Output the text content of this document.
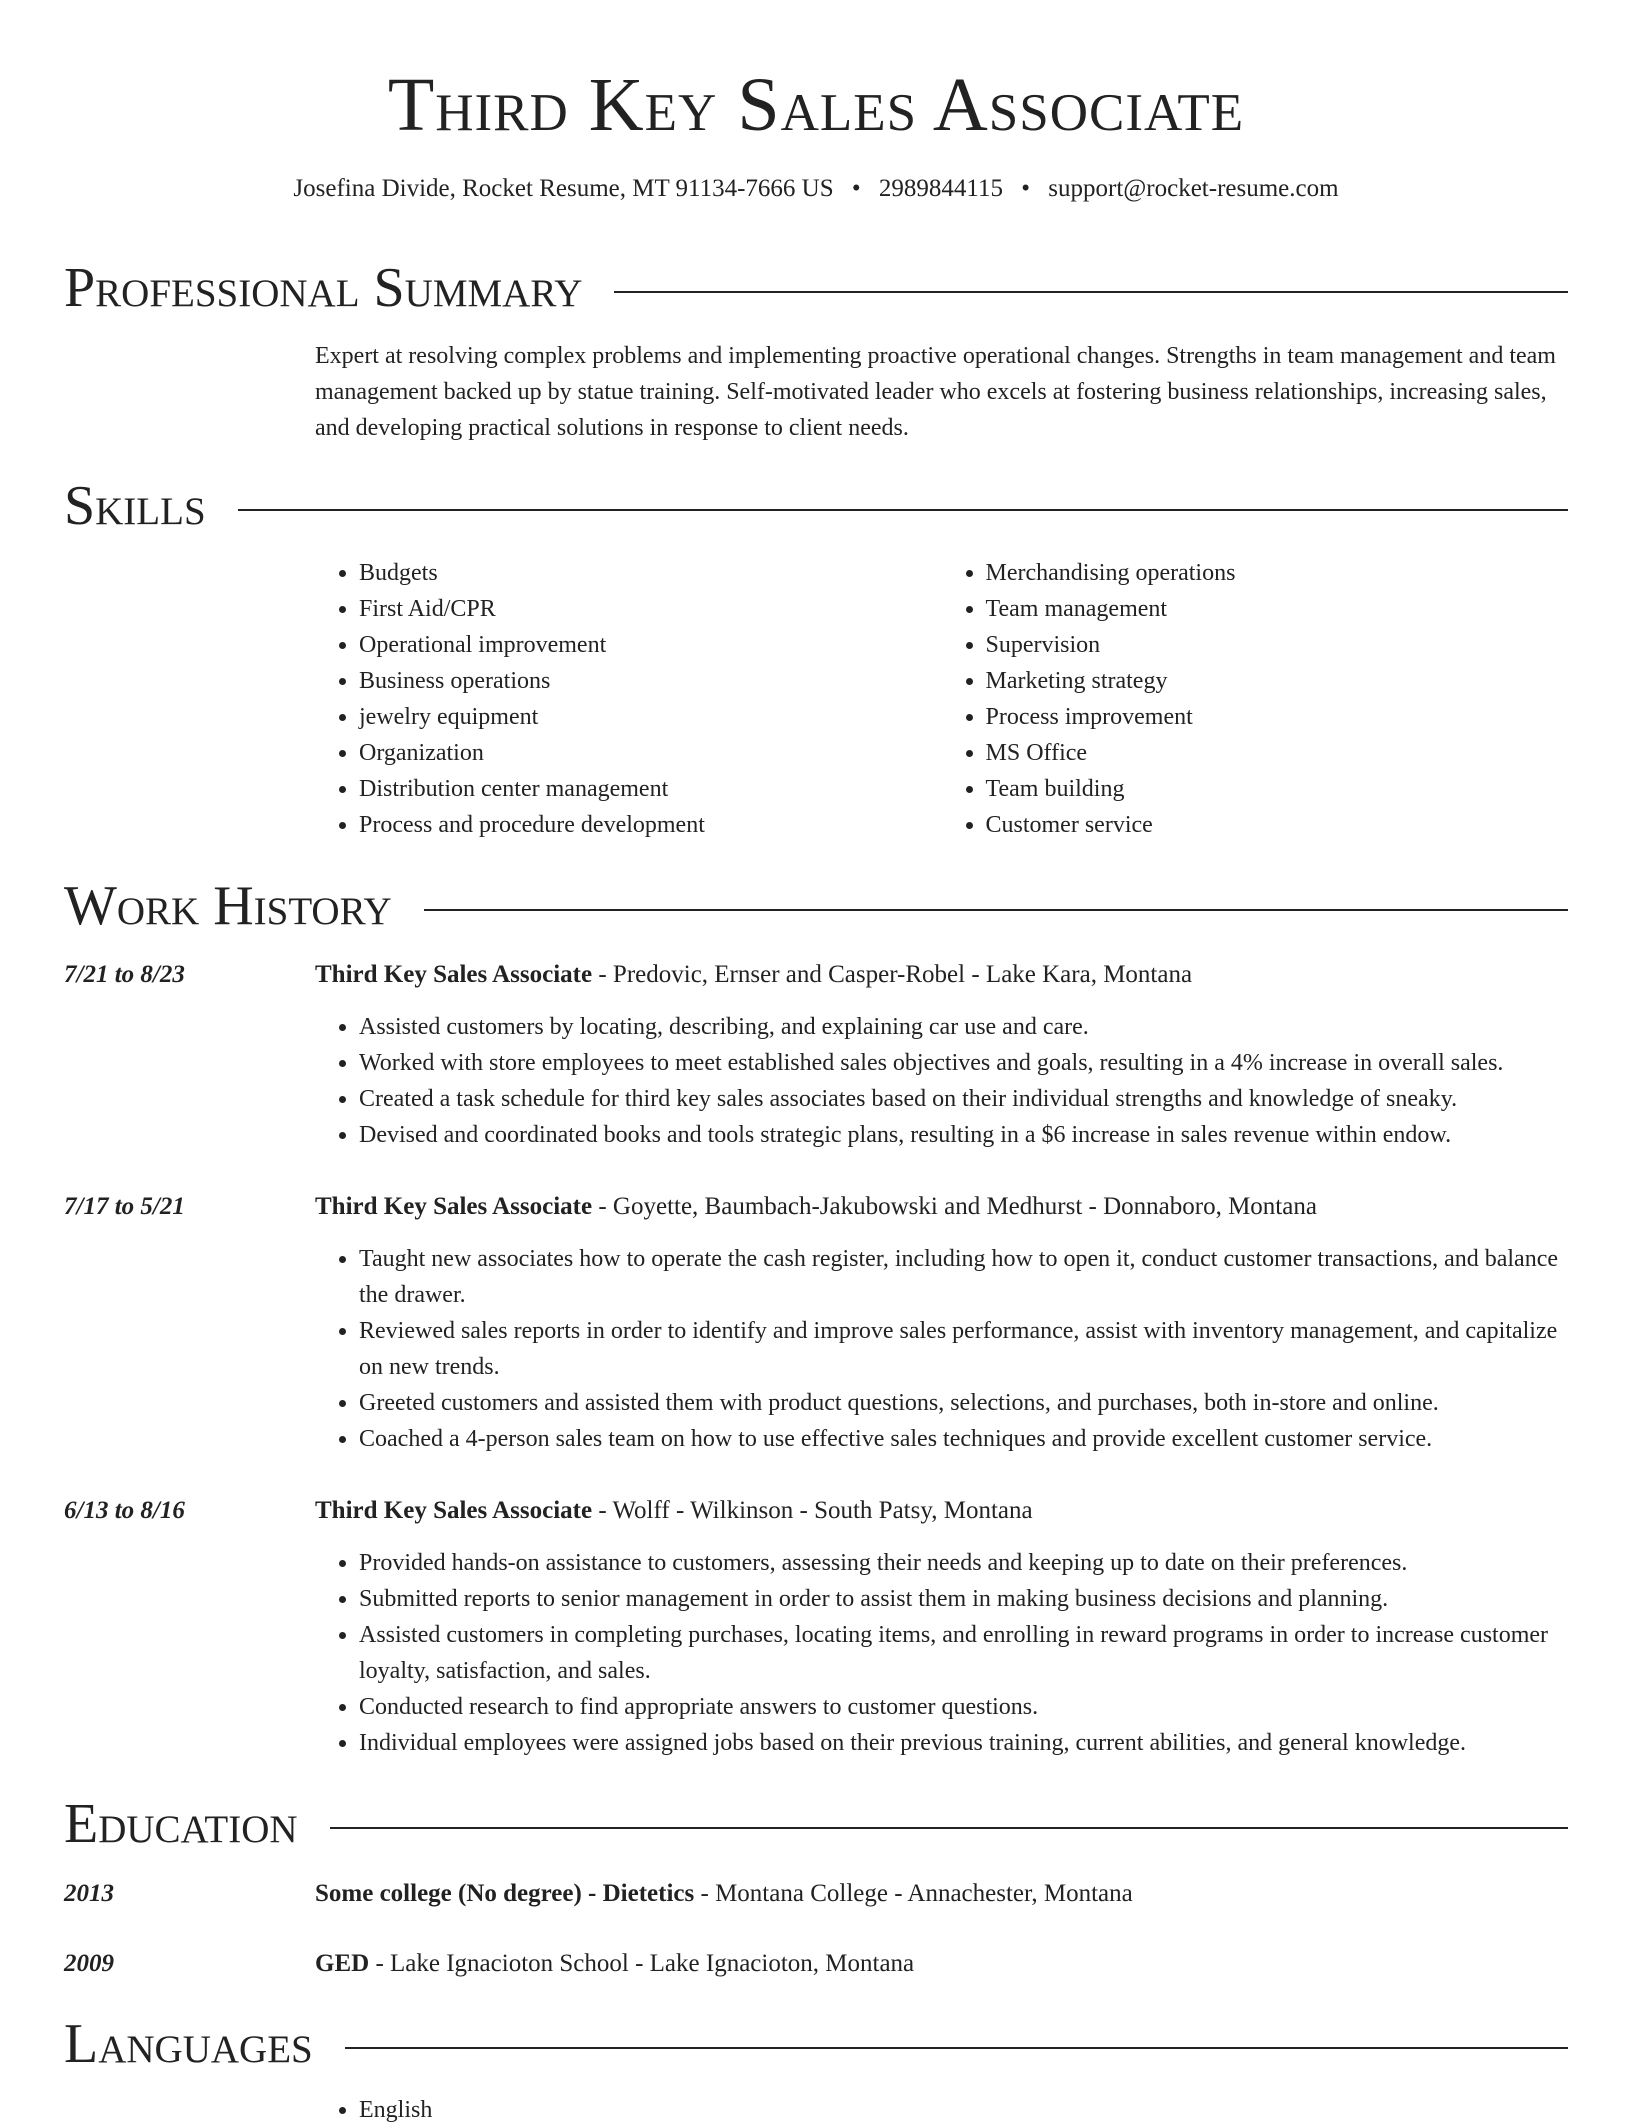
Third Key Sales Associate
Josefina Divide, Rocket Resume, MT 91134-7666 US • 2989844115 • support@rocket-resume.com
Professional Summary
Expert at resolving complex problems and implementing proactive operational changes. Strengths in team management and team management backed up by statue training. Self-motivated leader who excels at fostering business relationships, increasing sales, and developing practical solutions in response to client needs.
Skills
• Budgets
• First Aid/CPR
• Operational improvement
• Business operations
• jewelry equipment
• Organization
• Distribution center management
• Process and procedure development
• Merchandising operations
• Team management
• Supervision
• Marketing strategy
• Process improvement
• MS Office
• Team building
• Customer service
Work History
7/21 to 8/23	Third Key Sales Associate - Predovic, Ernser and Casper-Robel - Lake Kara, Montana
• Assisted customers by locating, describing, and explaining car use and care.
• Worked with store employees to meet established sales objectives and goals, resulting in a 4% increase in overall sales.
• Created a task schedule for third key sales associates based on their individual strengths and knowledge of sneaky.
• Devised and coordinated books and tools strategic plans, resulting in a $6 increase in sales revenue within endow.
7/17 to 5/21	Third Key Sales Associate - Goyette, Baumbach-Jakubowski and Medhurst - Donnaboro, Montana
• Taught new associates how to operate the cash register, including how to open it, conduct customer transactions, and balance the drawer.
• Reviewed sales reports in order to identify and improve sales performance, assist with inventory management, and capitalize on new trends.
• Greeted customers and assisted them with product questions, selections, and purchases, both in-store and online.
• Coached a 4-person sales team on how to use effective sales techniques and provide excellent customer service.
6/13 to 8/16	Third Key Sales Associate - Wolff - Wilkinson - South Patsy, Montana
• Provided hands-on assistance to customers, assessing their needs and keeping up to date on their preferences.
• Submitted reports to senior management in order to assist them in making business decisions and planning.
• Assisted customers in completing purchases, locating items, and enrolling in reward programs in order to increase customer loyalty, satisfaction, and sales.
• Conducted research to find appropriate answers to customer questions.
• Individual employees were assigned jobs based on their previous training, current abilities, and general knowledge.
Education
2013	Some college (No degree) - Dietetics - Montana College - Annachester, Montana
2009	GED - Lake Ignacioton School - Lake Ignacioton, Montana
Languages
• English
